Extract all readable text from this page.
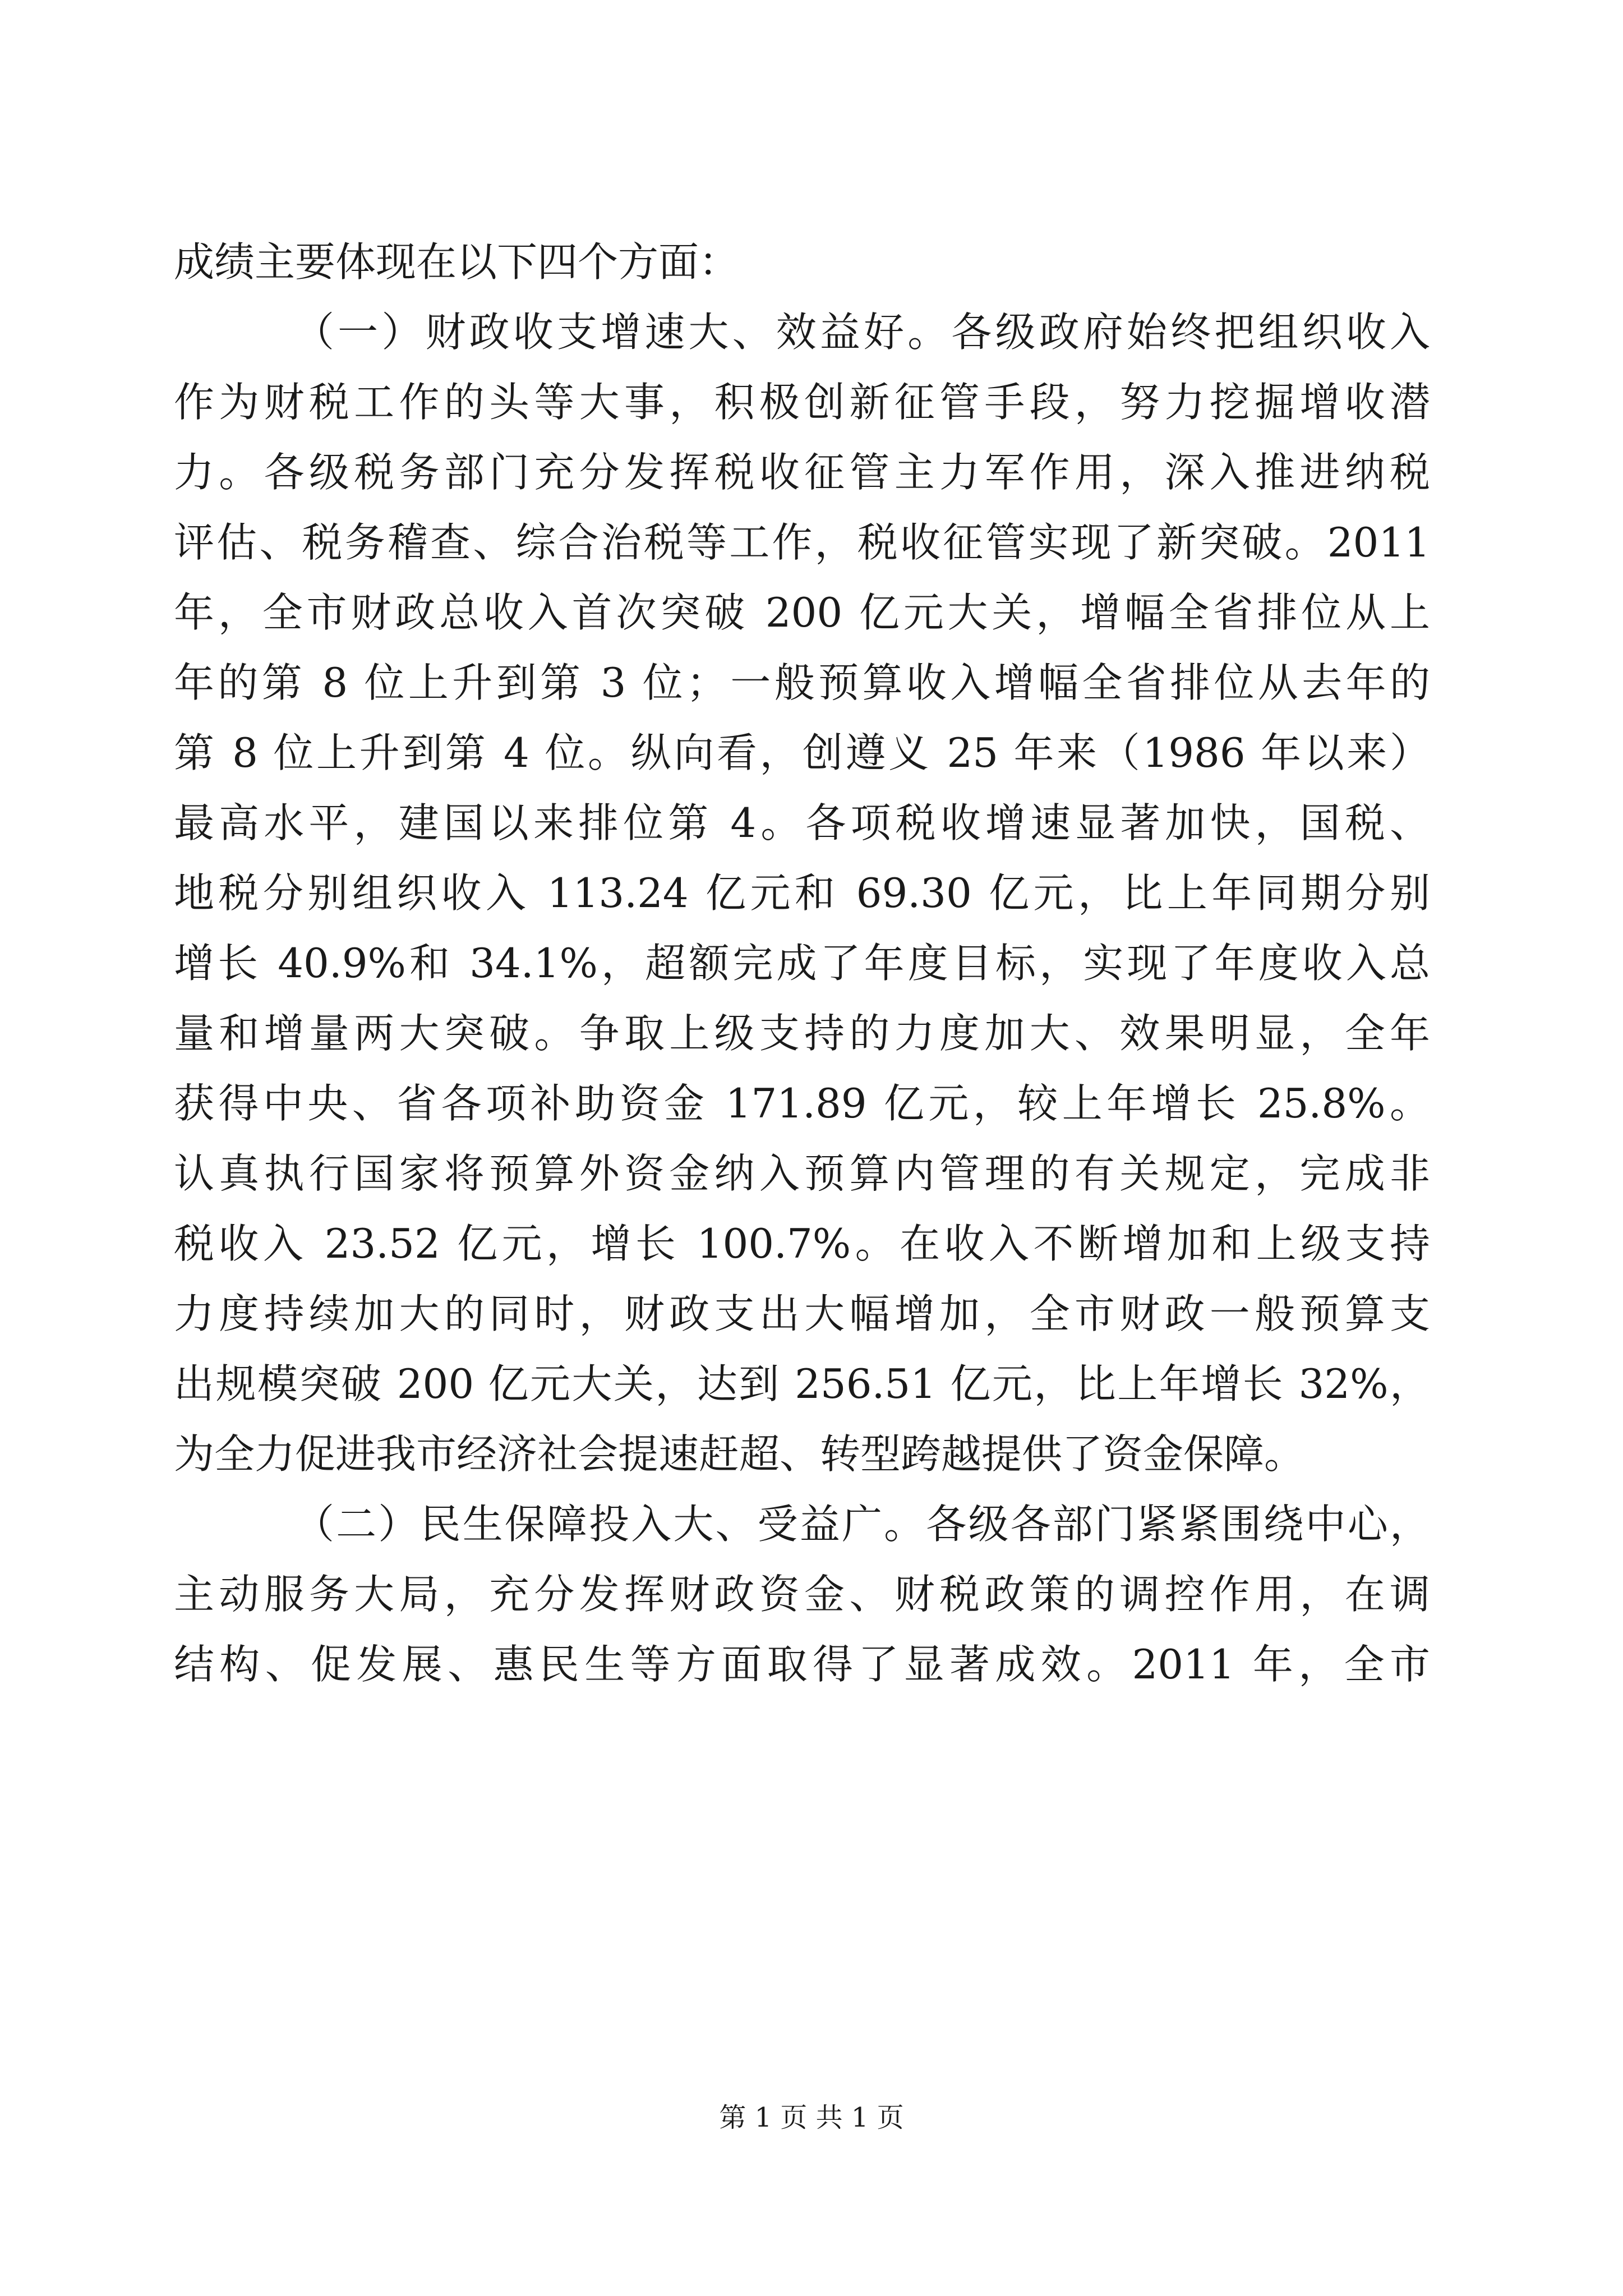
成绩主要体现在以下四个方面：
（一）财政收支增速大、效益好。各级政府始终把组织收入
作为财税工作的头等大事，积极创新征管手段，努力挖掘增收潜
力。各级税务部门充分发挥税收征管主力军作用，深入推进纳税
评估、税务稽查、综合治税等工作，税收征管实现了新突破。2011
年，全市财政总收入首次突破 200 亿元大关，增幅全省排位从上
年的第 8 位上升到第 3 位；一般预算收入增幅全省排位从去年的
第 8 位上升到第 4 位。纵向看，创遵义 25 年来（1986 年以来）
最高水平，建国以来排位第 4。各项税收增速显著加快，国税、
地税分别组织收入 113.24 亿元和 69.30 亿元，比上年同期分别
增长 40.9%和 34.1%，超额完成了年度目标，实现了年度收入总
量和增量两大突破。争取上级支持的力度加大、效果明显，全年
获得中央、省各项补助资金 171.89 亿元，较上年增长 25.8%。
认真执行国家将预算外资金纳入预算内管理的有关规定，完成非
税收入 23.52 亿元，增长 100.7%。在收入不断增加和上级支持
力度持续加大的同时，财政支出大幅增加，全市财政一般预算支
出规模突破 200 亿元大关，达到 256.51 亿元，比上年增长 32%，
为全力促进我市经济社会提速赶超、转型跨越提供了资金保障。
（二）民生保障投入大、受益广。各级各部门紧紧围绕中心，
主动服务大局，充分发挥财政资金、财税政策的调控作用，在调
结构、促发展、惠民生等方面取得了显著成效。2011 年，全市
第 1 页 共 1 页
